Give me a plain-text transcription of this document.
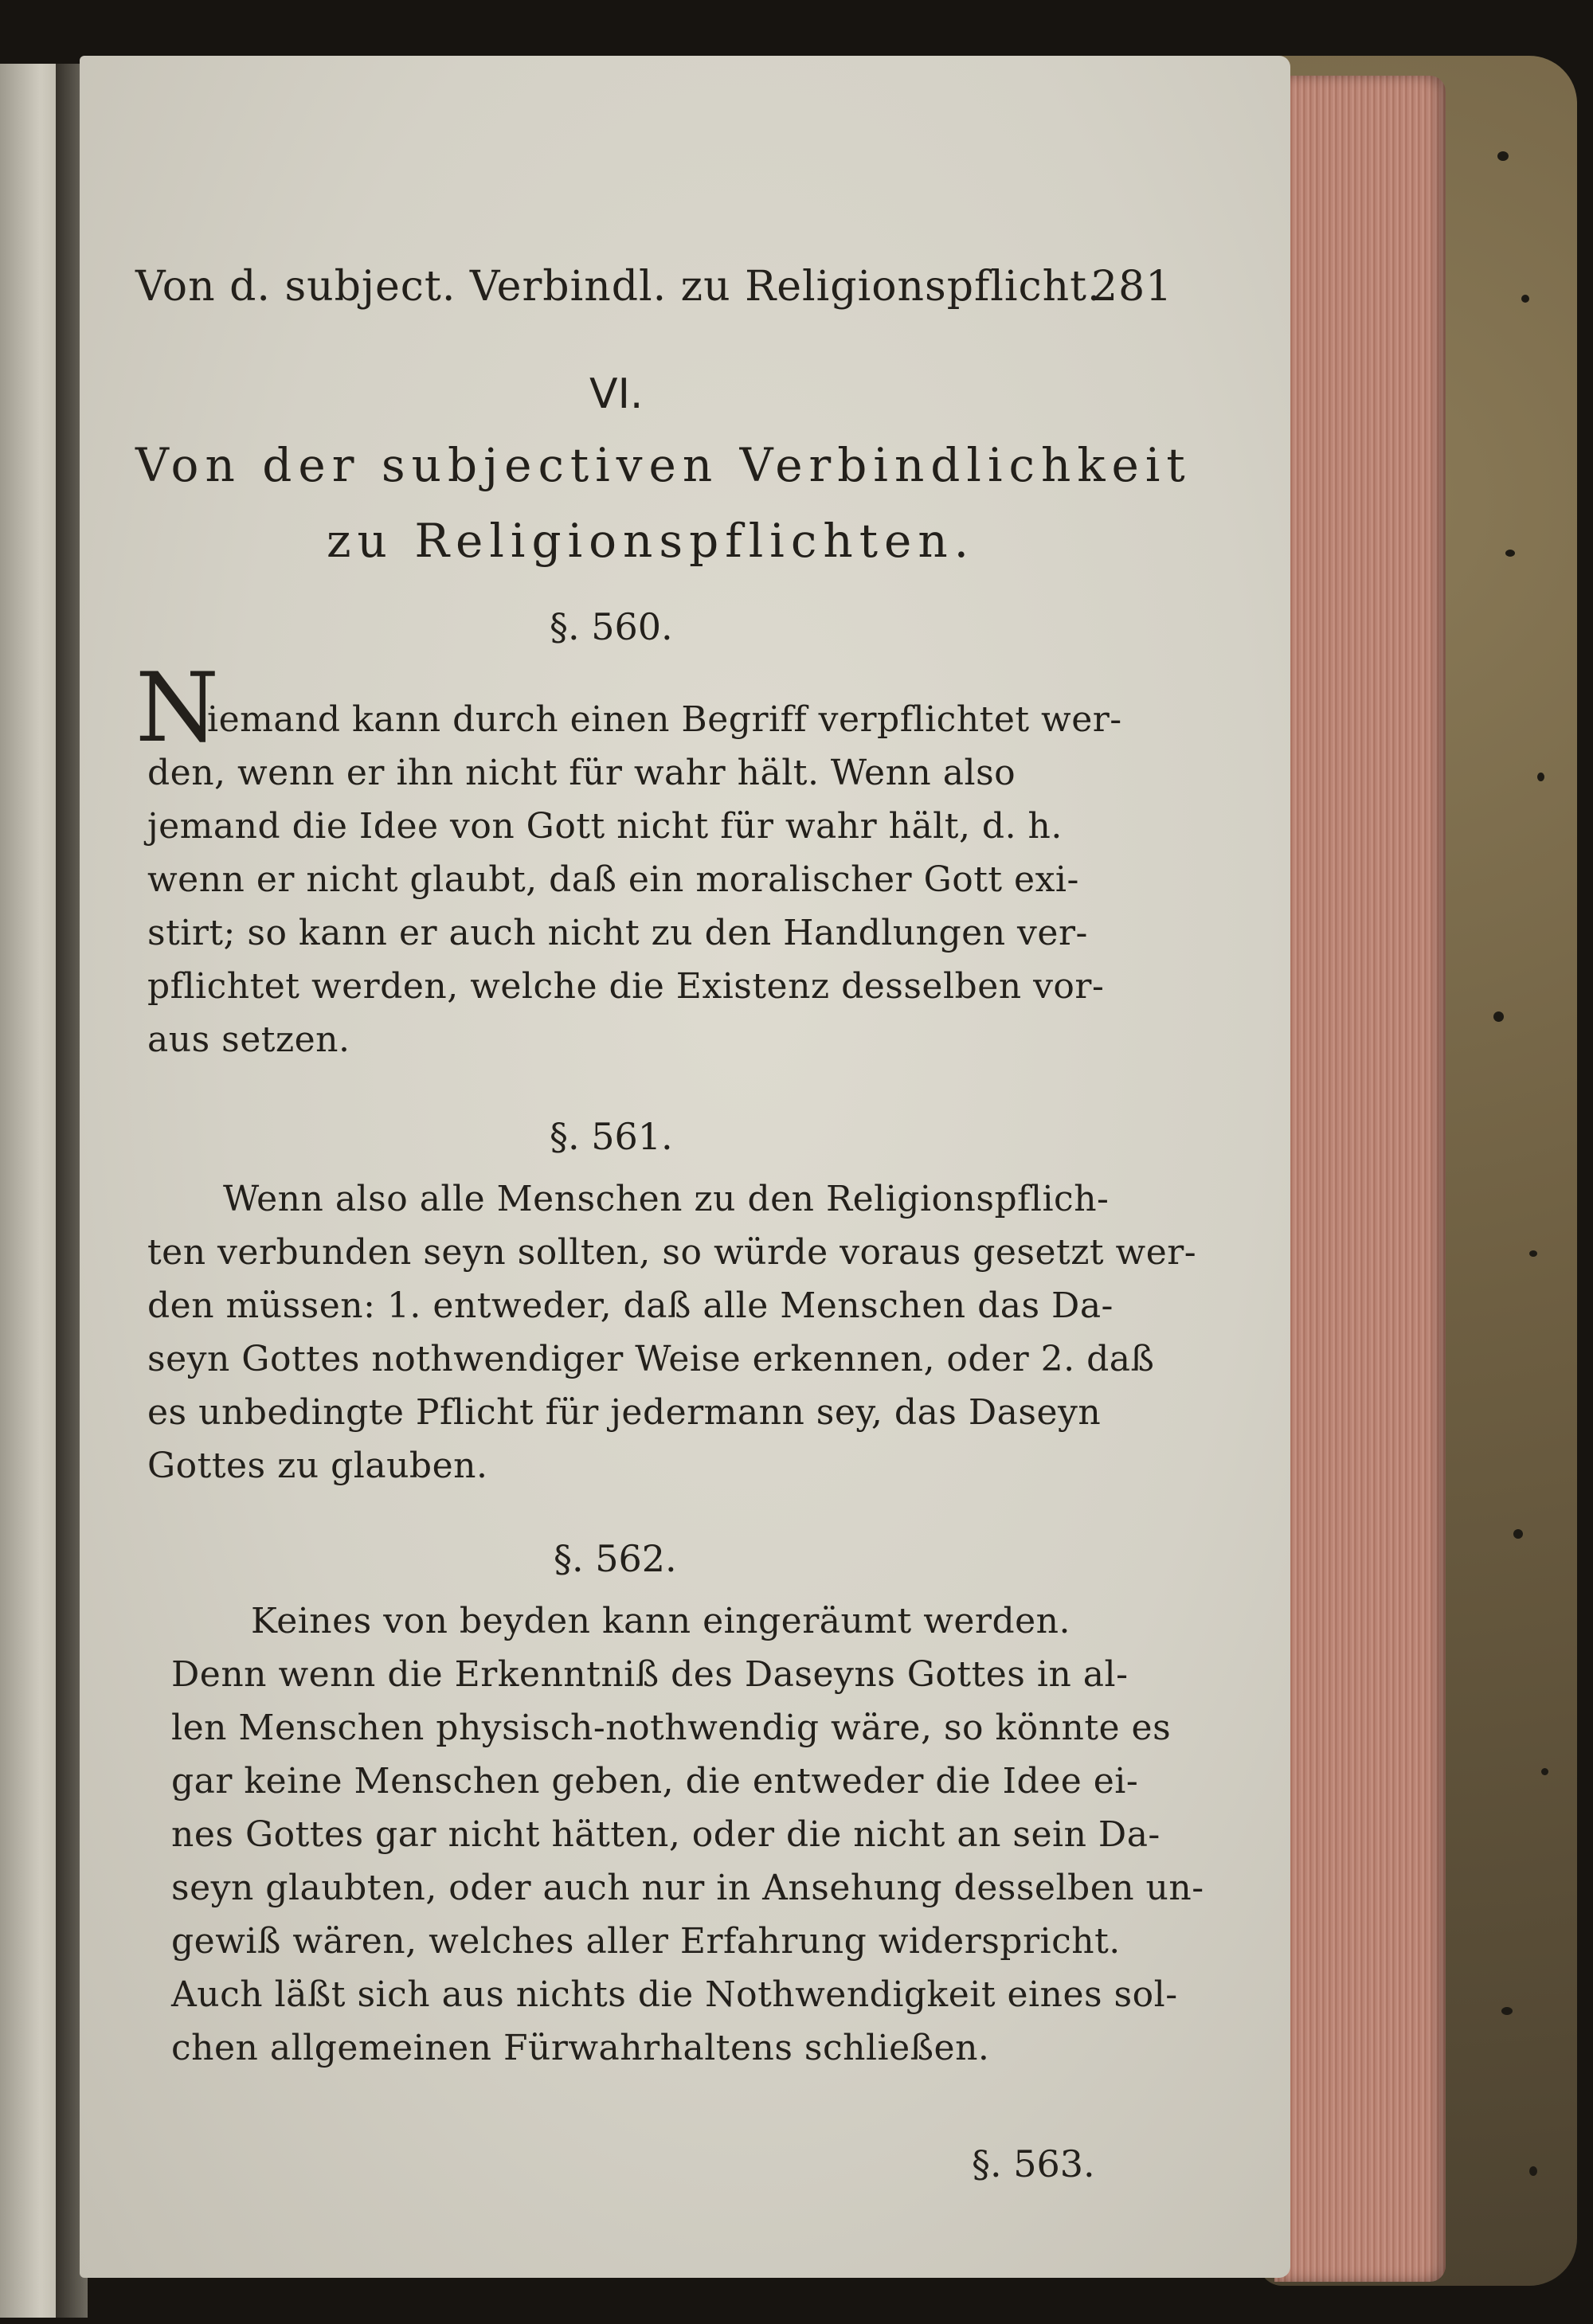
Von d. subject. Verbindl. zu Religionspflicht.
281
VI.
Von der subjectiven Verbindlichkeit
zu Religionspflichten.
§. 560.
N
iemand kann durch einen Begriff verpflichtet wer-
den, wenn er ihn nicht für wahr hält. Wenn also
jemand die Idee von Gott nicht für wahr hält, d. h.
wenn er nicht glaubt, daß ein moralischer Gott exi-
stirt; so kann er auch nicht zu den Handlungen ver-
pflichtet werden, welche die Existenz desselben vor-
aus setzen.
§. 561.
Wenn also alle Menschen zu den Religionspflich-
ten verbunden seyn sollten, so würde voraus gesetzt wer-
den müssen: 1. entweder, daß alle Menschen das Da-
seyn Gottes nothwendiger Weise erkennen, oder 2. daß
es unbedingte Pflicht für jedermann sey, das Daseyn
Gottes zu glauben.
§. 562.
Keines von beyden kann eingeräumt werden.
Denn wenn die Erkenntniß des Daseyns Gottes in al-
len Menschen physisch-nothwendig wäre, so könnte es
gar keine Menschen geben, die entweder die Idee ei-
nes Gottes gar nicht hätten, oder die nicht an sein Da-
seyn glaubten, oder auch nur in Ansehung desselben un-
gewiß wären, welches aller Erfahrung widerspricht.
Auch läßt sich aus nichts die Nothwendigkeit eines sol-
chen allgemeinen Fürwahrhaltens schließen.
§. 563.
